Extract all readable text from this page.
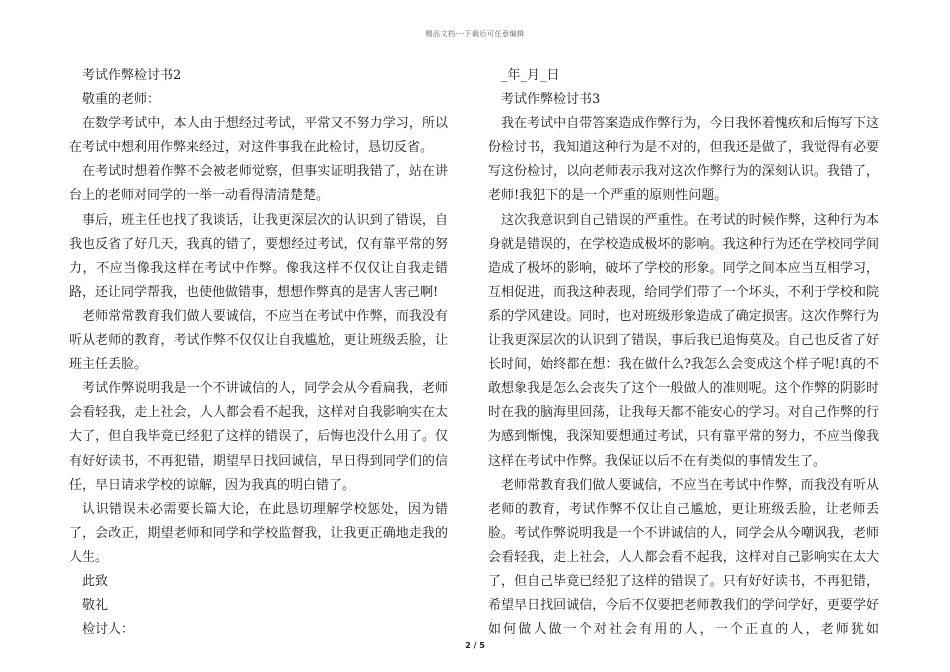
精品文档---下载后可任意编辑

考试作弊检讨书2

敬重的老师：

在数学考试中，本人由于想经过考试，平常又不努力学习，所以在考试中想利用作弊来经过，对这件事我在此检讨，恳切反省。

在考试时想着作弊不会被老师觉察，但事实证明我错了，站在讲台上的老师对同学的一举一动看得清清楚楚。

事后，班主任也找了我谈话，让我更深层次的认识到了错误，自我也反省了好几天，我真的错了，要想经过考试，仅有靠平常的努力，不应当像我这样在考试中作弊。像我这样不仅仅让自我走错路，还让同学帮我，也使他做错事，想想作弊真的是害人害己啊!

老师常常教育我们做人要诚信，不应当在考试中作弊，而我没有听从老师的教育，考试作弊不仅仅让自我尴尬，更让班级丢脸，让班主任丢脸。

考试作弊说明我是一个不讲诚信的人，同学会从今看扁我，老师会看轻我，走上社会，人人都会看不起我，这样对自我影响实在太大了，但自我毕竟已经犯了这样的错误了，后悔也没什么用了。仅有好好读书，不再犯错，期望早日找回诚信，早日得到同学们的信任，早日请求学校的谅解，因为我真的明白错了。

认识错误未必需要长篇大论，在此恳切理解学校惩处，因为错了，会改正，期望老师和同学和学校监督我，让我更正确地走我的人生。

此致

敬礼

检讨人：

_年_月_日

考试作弊检讨书3

我在考试中自带答案造成作弊行为，今日我怀着愧疚和后悔写下这份检讨书，我知道这种行为是不对的，但我还是做了，我觉得有必要写这份检讨，以向老师表示我对这次作弊行为的深刻认识。我错了，老师!我犯下的是一个严重的原则性问题。

这次我意识到自己错误的严重性。在考试的时候作弊，这种行为本身就是错误的，在学校造成极坏的影响。我这种行为还在学校同学间造成了极坏的影响，破坏了学校的形象。同学之间本应当互相学习，互相促进，而我这种表现，给同学们带了一个坏头，不利于学校和院系的学风建设。同时，也对班级形象造成了确定损害。这次作弊行为让我更深层次的认识到了错误，事后我已追悔莫及。自己也反省了好长时间，始终都在想：我在做什么?我怎么会变成这个样子呢!真的不敢想象我是怎么会丧失了这个一般做人的准则呢。这个作弊的阴影时时在我的脑海里回荡，让我每天都不能安心的学习。对自己作弊的行为感到惭愧，我深知要想通过考试，只有靠平常的努力，不应当像我这样在考试中作弊。我保证以后不在有类似的事情发生了。

老师常教育我们做人要诚信，不应当在考试中作弊，而我没有听从老师的教育，考试作弊不仅让自己尴尬，更让班级丢脸，让老师丢脸。考试作弊说明我是一个不讲诚信的人，同学会从今嘲讽我，老师会看轻我，走上社会，人人都会看不起我，这样对自己影响实在太大了，但自己毕竟已经犯了这样的错误了。只有好好读书，不再犯错，希望早日找回诚信，今后不仅要把老师教我们的学问学好，更要学好如何做人做一个对社会有用的人，一个正直的人，老师犹如

2 / 5
